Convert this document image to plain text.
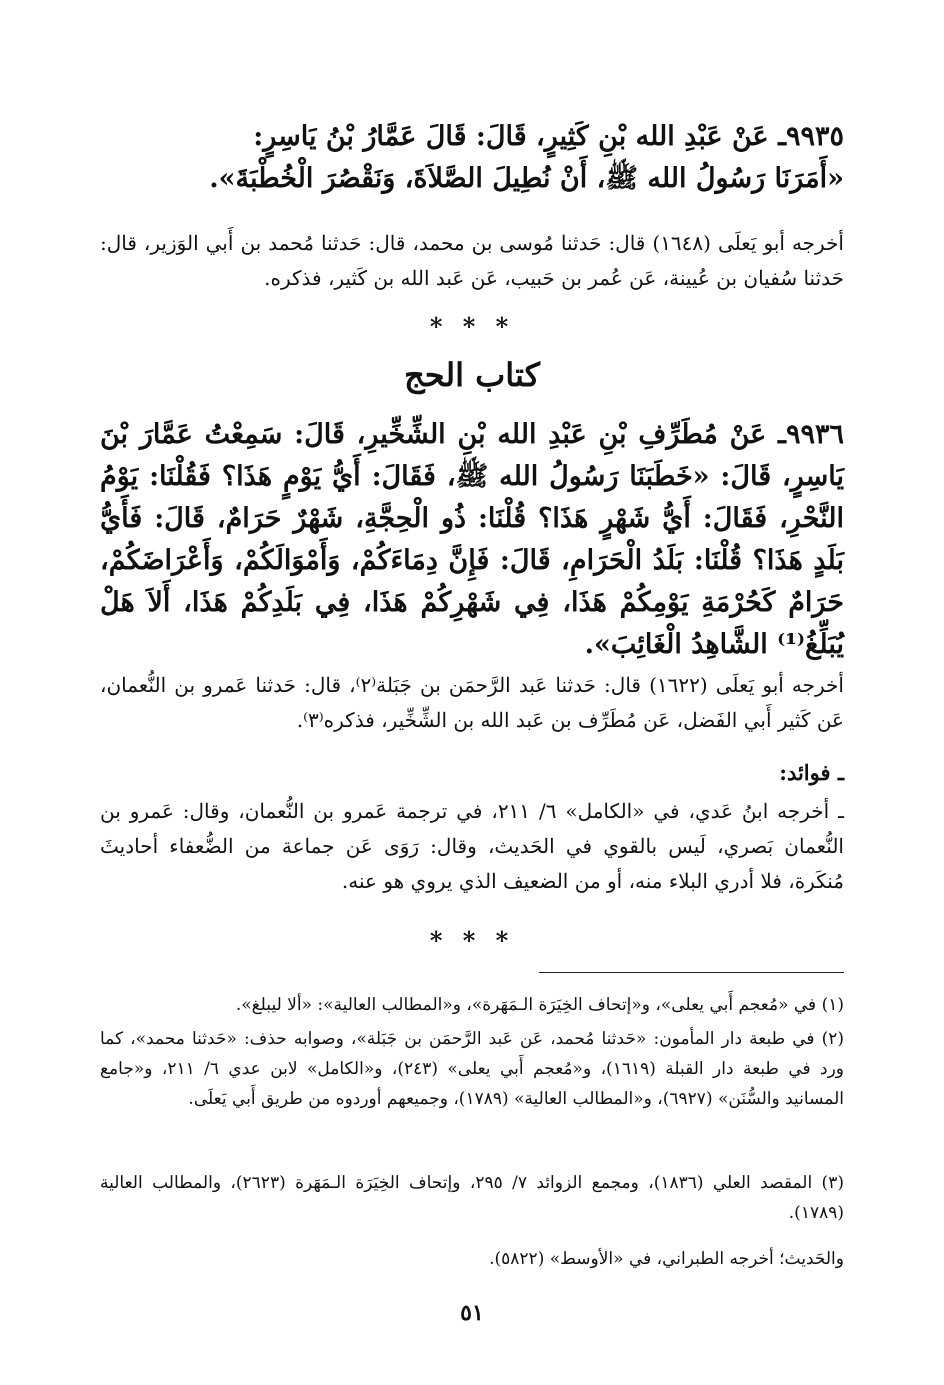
٩٩٣٥ـ عَنْ عَبْدِ الله بْنِ كَثِيرٍ، قَالَ: قَالَ عَمَّارُ بْنُ يَاسِرٍ:
«أَمَرَنَا رَسُولُ الله ﷺ، أَنْ نُطِيلَ الصَّلاَةَ، وَنَقْصُرَ الْخُطْبَةَ».
أخرجه أبو يَعلَى (١٦٤٨) قال: حَدثنا مُوسى بن محمد، قال: حَدثنا مُحمد بن أَبي الوَزير، قال: حَدثنا سُفيان بن عُيينة، عَن عُمر بن حَبيب، عَن عَبد الله بن كَثير، فذكره.
* * *
كتاب الحج
٩٩٣٦ـ عَنْ مُطَرِّفِ بْنِ عَبْدِ الله بْنِ الشِّخِّيرِ، قَالَ: سَمِعْتُ عَمَّارَ بْنَ يَاسِرٍ، قَالَ: «خَطَبَنَا رَسُولُ الله ﷺ، فَقَالَ: أَيُّ يَوْمٍ هَذَا؟ فَقُلْنَا: يَوْمُ النَّحْرِ، فَقَالَ: أَيُّ شَهْرٍ هَذَا؟ قُلْنَا: ذُو الْحِجَّةِ، شَهْرٌ حَرَامٌ، قَالَ: فَأَيُّ بَلَدٍ هَذَا؟ قُلْنَا: بَلَدُ الْحَرَامِ، قَالَ: فَإِنَّ دِمَاءَكُمْ، وَأَمْوَالَكُمْ، وَأَعْرَاضَكُمْ، حَرَامٌ كَحُرْمَةِ يَوْمِكُمْ هَذَا، فِي شَهْرِكُمْ هَذَا، فِي بَلَدِكُمْ هَذَا، أَلاَ هَلْ يُبَلِّغُ⁽¹⁾ الشَّاهِدُ الْغَائِبَ».
أخرجه أبو يَعلَى (١٦٢٢) قال: حَدثنا عَبد الرَّحمَن بن جَبَلة⁽٢⁾، قال: حَدثنا عَمرو بن النُّعمان، عَن كَثير أَبي الفَضل، عَن مُطَرِّف بن عَبد الله بن الشِّخِّير، فذكره⁽٣⁾.
ـ فوائد:
ـ أخرجه ابنُ عَدي، في «الكامل» ٦/ ٢١١، في ترجمة عَمرو بن النُّعمان، وقال: عَمرو بن النُّعمان بَصري، لَيس بالقوي في الحَديث، وقال: رَوَى عَن جماعة من الضُّعفاء أحاديثَ مُنكَرة، فلا أدري البلاء منه، أو من الضعيف الذي يروي هو عنه.
* * *
(١) في «مُعجم أَبي يعلى»، و«إتحاف الخِيَرَة الـمَهَرة»، و«المطالب العالية»: «ألا ليبلغ».
(٢) في طبعة دار المأمون: «حَدثنا مُحمد، عَن عَبد الرَّحمَن بن جَبَلة»، وصوابه حذف: «حَدثنا محمد»، كما ورد في طبعة دار القبلة (١٦١٩)، و«مُعجم أَبي يعلى» (٢٤٣)، و«الكامل» لابن عدي ٦/ ٢١١، و«جامع المسانيد والسُّنَن» (٦٩٢٧)، و«المطالب العالية» (١٧٨٩)، وجميعهم أوردوه من طريق أَبي يَعلَى.
(٣) المقصد العلي (١٨٣٦)، ومجمع الزوائد ٧/ ٢٩٥، وإتحاف الخِيَرَة الـمَهَرة (٢٦٢٣)، والمطالب العالية (١٧٨٩).
والحَديث؛ أخرجه الطبراني، في «الأوسط» (٥٨٢٢).
٥١
